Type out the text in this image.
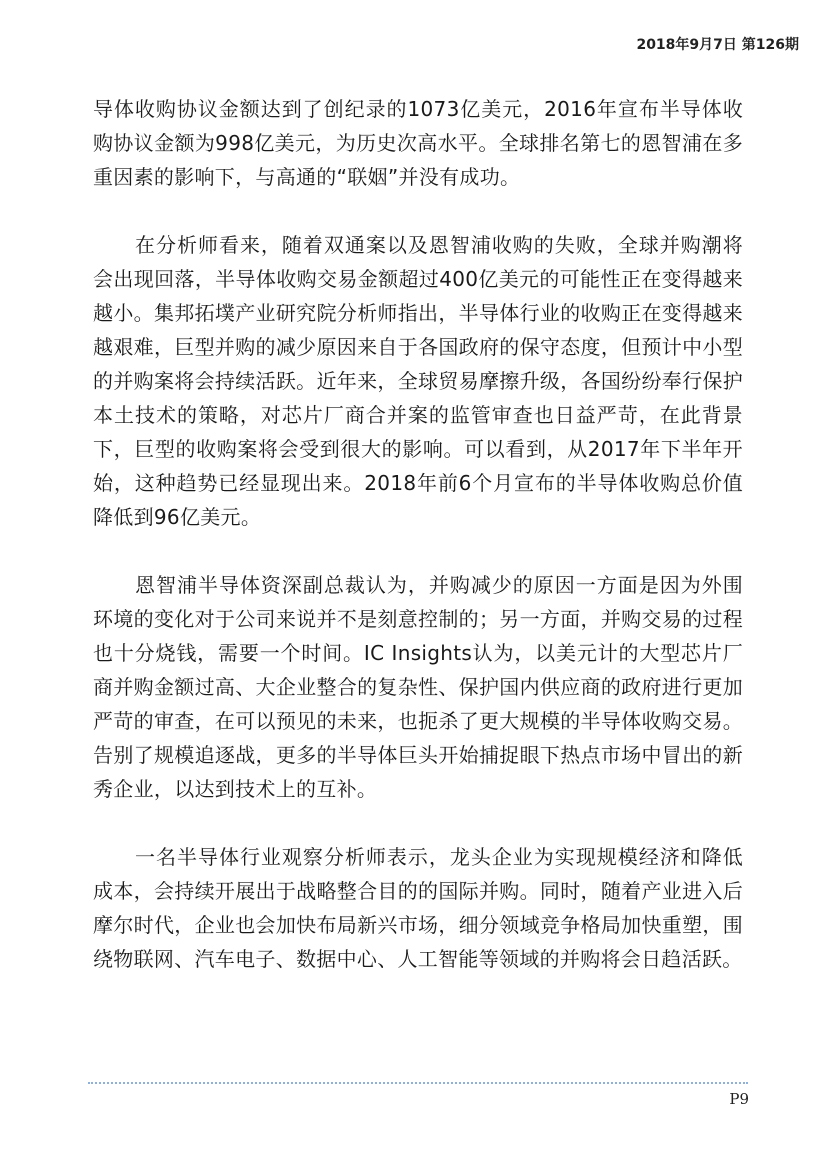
2018年9月7日 第126期

导体收购协议金额达到了创纪录的1073亿美元，2016年宣布半导体收购协议金额为998亿美元，为历史次高水平。全球排名第七的恩智浦在多重因素的影响下，与高通的“联姻”并没有成功。

在分析师看来，随着双通案以及恩智浦收购的失败，全球并购潮将会出现回落，半导体收购交易金额超过400亿美元的可能性正在变得越来越小。集邦拓墣产业研究院分析师指出，半导体行业的收购正在变得越来越艰难，巨型并购的减少原因来自于各国政府的保守态度，但预计中小型的并购案将会持续活跃。近年来，全球贸易摩擦升级，各国纷纷奉行保护本土技术的策略，对芯片厂商合并案的监管审查也日益严苛，在此背景下，巨型的收购案将会受到很大的影响。可以看到，从2017年下半年开始，这种趋势已经显现出来。2018年前6个月宣布的半导体收购总价值降低到96亿美元。

恩智浦半导体资深副总裁认为，并购减少的原因一方面是因为外围环境的变化对于公司来说并不是刻意控制的；另一方面，并购交易的过程也十分烧钱，需要一个时间。IC Insights认为，以美元计的大型芯片厂商并购金额过高、大企业整合的复杂性、保护国内供应商的政府进行更加严苛的审查，在可以预见的未来，也扼杀了更大规模的半导体收购交易。告别了规模追逐战，更多的半导体巨头开始捕捉眼下热点市场中冒出的新秀企业，以达到技术上的互补。

一名半导体行业观察分析师表示，龙头企业为实现规模经济和降低成本，会持续开展出于战略整合目的的国际并购。同时，随着产业进入后摩尔时代，企业也会加快布局新兴市场，细分领域竞争格局加快重塑，围绕物联网、汽车电子、数据中心、人工智能等领域的并购将会日趋活跃。

P9
